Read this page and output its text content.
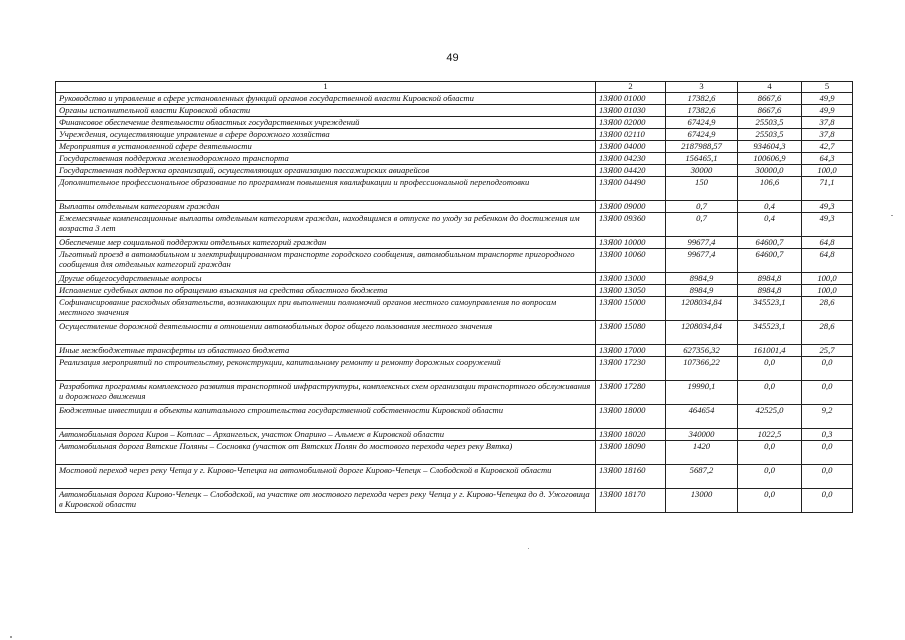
49
1	2	3	4	5
Руководство и управление в сфере установленных функций органов государственной власти Кировской области	13Я00 01000	17382,6	8667,6	49,9
Органы исполнительной власти Кировской области	13Я00 01030	17382,6	8667,6	49,9
Финансовое обеспечение деятельности областных государственных учреждений	13Я00 02000	67424,9	25503,5	37,8
Учреждения, осуществляющие управление в сфере дорожного хозяйства	13Я00 02110	67424,9	25503,5	37,8
Мероприятия в установленной сфере деятельности	13Я00 04000	2187988,57	934604,3	42,7
Государственная поддержка железнодорожного транспорта	13Я00 04230	156465,1	100606,9	64,3
Государственная поддержка организаций, осуществляющих организацию пассажирских авиарейсов	13Я00 04420	30000	30000,0	100,0
Дополнительное профессиональное образование по программам повышения квалификации и профессиональной переподготовки	13Я00 04490	150	106,6	71,1
Выплаты отдельным категориям граждан	13Я00 09000	0,7	0,4	49,3
Ежемесячные компенсационные выплаты отдельным категориям граждан, находящимся в отпуске по уходу за ребенком до достижения им возраста 3 лет	13Я00 09360	0,7	0,4	49,3
Обеспечение мер социальной поддержки отдельных категорий граждан	13Я00 10000	99677,4	64600,7	64,8
Льготный проезд в автомобильном и электрифицированном транспорте городского сообщения, автомобильном транспорте пригородного сообщения для отдельных категорий граждан	13Я00 10060	99677,4	64600,7	64,8
Другие общегосударственные вопросы	13Я00 13000	8984,9	8984,8	100,0
Исполнение судебных актов по обращению взыскания на средства областного бюджета	13Я00 13050	8984,9	8984,8	100,0
Софинансирование расходных обязательств, возникающих при выполнении полномочий органов местного самоуправления по вопросам местного значения	13Я00 15000	1208034,84	345523,1	28,6
Осуществление дорожной деятельности в отношении автомобильных дорог общего пользования местного значения	13Я00 15080	1208034,84	345523,1	28,6
Иные межбюджетные трансферты из областного бюджета	13Я00 17000	627356,32	161001,4	25,7
Реализация мероприятий по строительству, реконструкции, капитальному ремонту и ремонту дорожных сооружений	13Я00 17230	107366,22	0,0	0,0
Разработка программы комплексного развития транспортной инфраструктуры, комплексных схем организации транспортного обслуживания и дорожного движения	13Я00 17280	19990,1	0,0	0,0
Бюджетные инвестиции в объекты капитального строительства государственной собственности Кировской области	13Я00 18000	464654	42525,0	9,2
Автомобильная дорога Киров – Котлас – Архангельск, участок Опарино – Альмеж в Кировской области	13Я00 18020	340000	1022,5	0,3
Автомобильная дорога Вятские Поляны – Сосновка (участок от Вятских Полян до мостового перехода через реку Вятка)	13Я00 18090	1420	0,0	0,0
Мостовой переход через реку Чепца у г. Кирово-Чепецка на автомобильной дороге Кирово-Чепецк – Слободской в Кировской области	13Я00 18160	5687,2	0,0	0,0
Автомобильная дорога Кирово-Чепецк – Слободской, на участке от мостового перехода через реку Чепца у г. Кирово-Чепецка до д. Ужоговица в Кировской области	13Я00 18170	13000	0,0	0,0
